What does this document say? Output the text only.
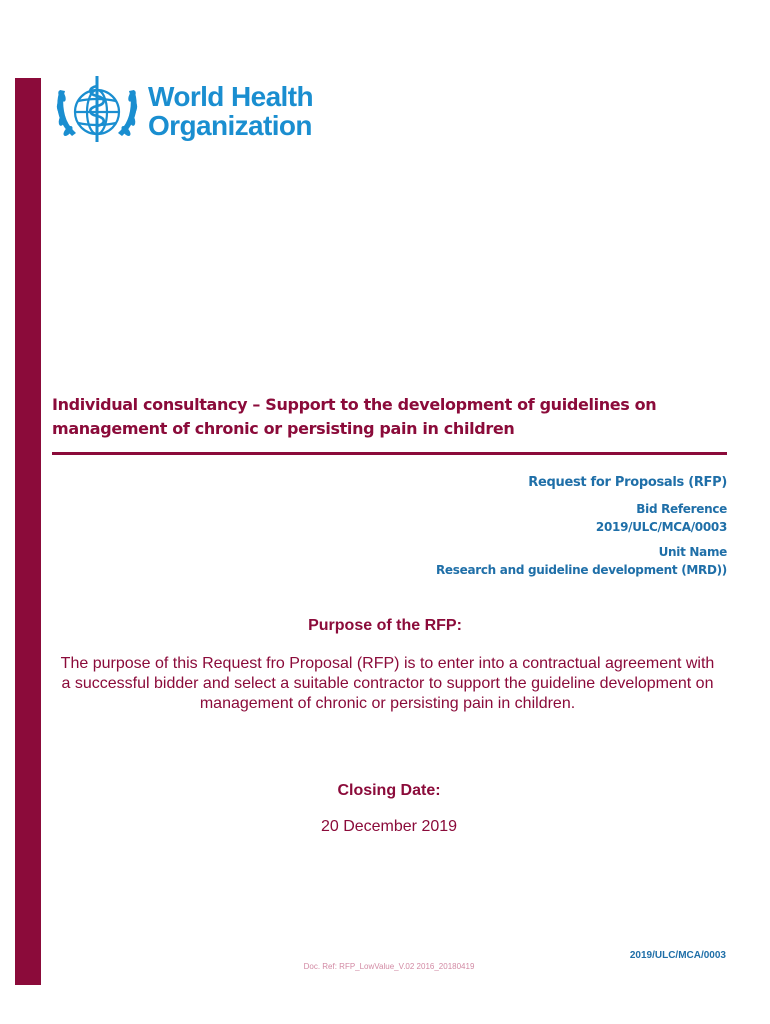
World Health
Organization
Individual consultancy – Support to the development of guidelines on management of chronic or persisting pain in children
Request for Proposals (RFP)
Bid Reference
2019/ULC/MCA/0003
Unit Name
Research and guideline development (MRD))
Purpose of the RFP:
The purpose of this Request fro Proposal (RFP) is to enter into a contractual agreement with a successful bidder and select a suitable contractor to support the guideline development on management of chronic or persisting pain in children.
Closing Date:
20 December 2019
2019/ULC/MCA/0003
Doc. Ref: RFP_LowValue_V.02 2016_20180419
